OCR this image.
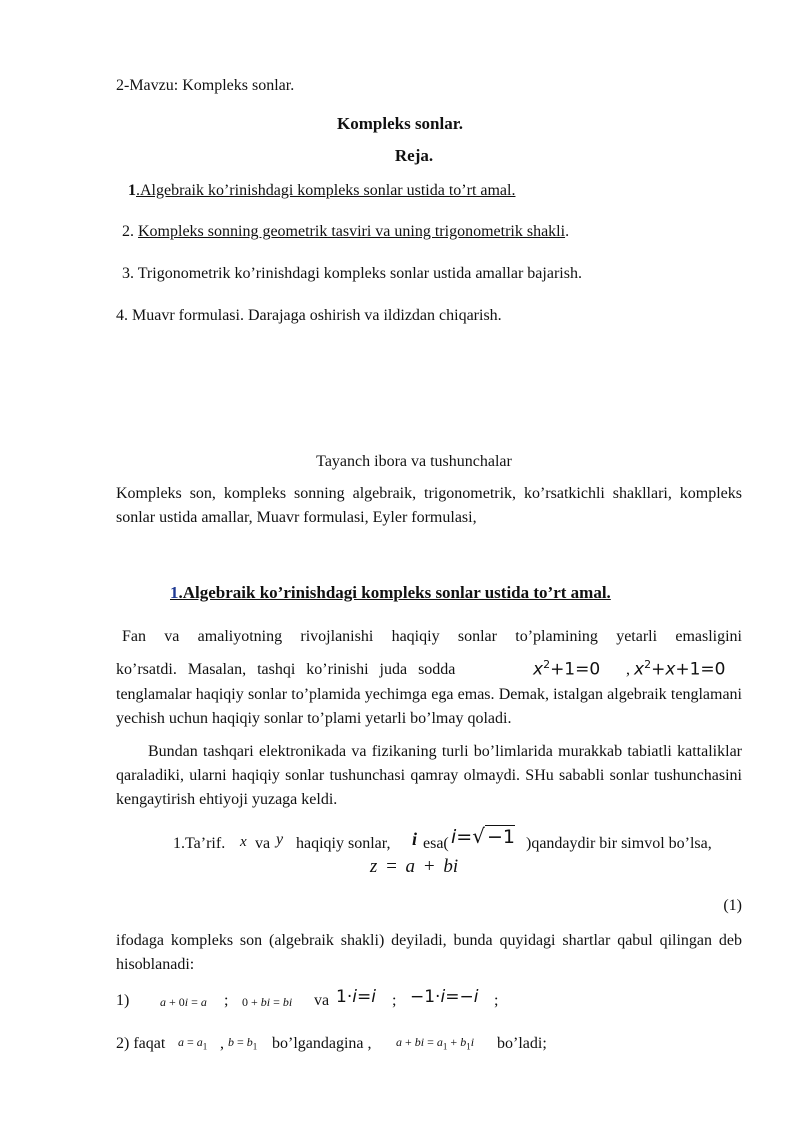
2-Mavzu: Kompleks sonlar.
Kompleks sonlar.
Reja.
1.Algebraik ko’rinishdagi kompleks sonlar ustida to’rt amal.
2. Kompleks sonning geometrik tasviri va uning trigonometrik shakli.
3. Trigonometrik ko’rinishdagi kompleks sonlar ustida amallar bajarish.
4. Muavr formulasi. Darajaga oshirish va ildizdan chiqarish.
Tayanch ibora va tushunchalar
Kompleks son, kompleks sonning algebraik, trigonometrik, ko’rsatkichli shakllari, kompleks sonlar ustida amallar, Muavr formulasi, Eyler formulasi,
1.Algebraik ko’rinishdagi kompleks sonlar ustida to’rt amal.
Fan va amaliyotning rivojlanishi haqiqiy sonlar to’plamining yetarli emasligini
ko’rsatdi. Masalan, tashqi ko’rinishi juda sodda	$x^2+1=0$ , $x^2+x+1=0$
tenglamalar haqiqiy sonlar to’plamida yechimga ega emas. Demak, istalgan algebraik tenglamani yechish uchun haqiqiy sonlar to’plami yetarli bo’lmay qoladi.
Bundan tashqari elektronikada va fizikaning turli bo’limlarida murakkab tabiatli kattaliklar qaraladiki, ularni haqiqiy sonlar tushunchasi qamray olmaydi. SHu sababli sonlar tushunchasini kengaytirish ehtiyoji yuzaga keldi.
1.Ta’rif. x va y haqiqiy sonlar, i esa( i=√ −1 )qandaydir bir simvol bo’lsa,
z = a + bi
(1)
ifodaga kompleks son (algebraik shakli) deyiladi, bunda quyidagi shartlar qabul qilingan deb hisoblanadi:
1)	a + 0i = a ; 0 + bi = bi va 1·i=i ; −1·i=−i ;
2) faqat $a = a_1$ , $b = b_1$ bo’lgandagina , a + bi = $a_1 + b_1i$ bo’ladi;
